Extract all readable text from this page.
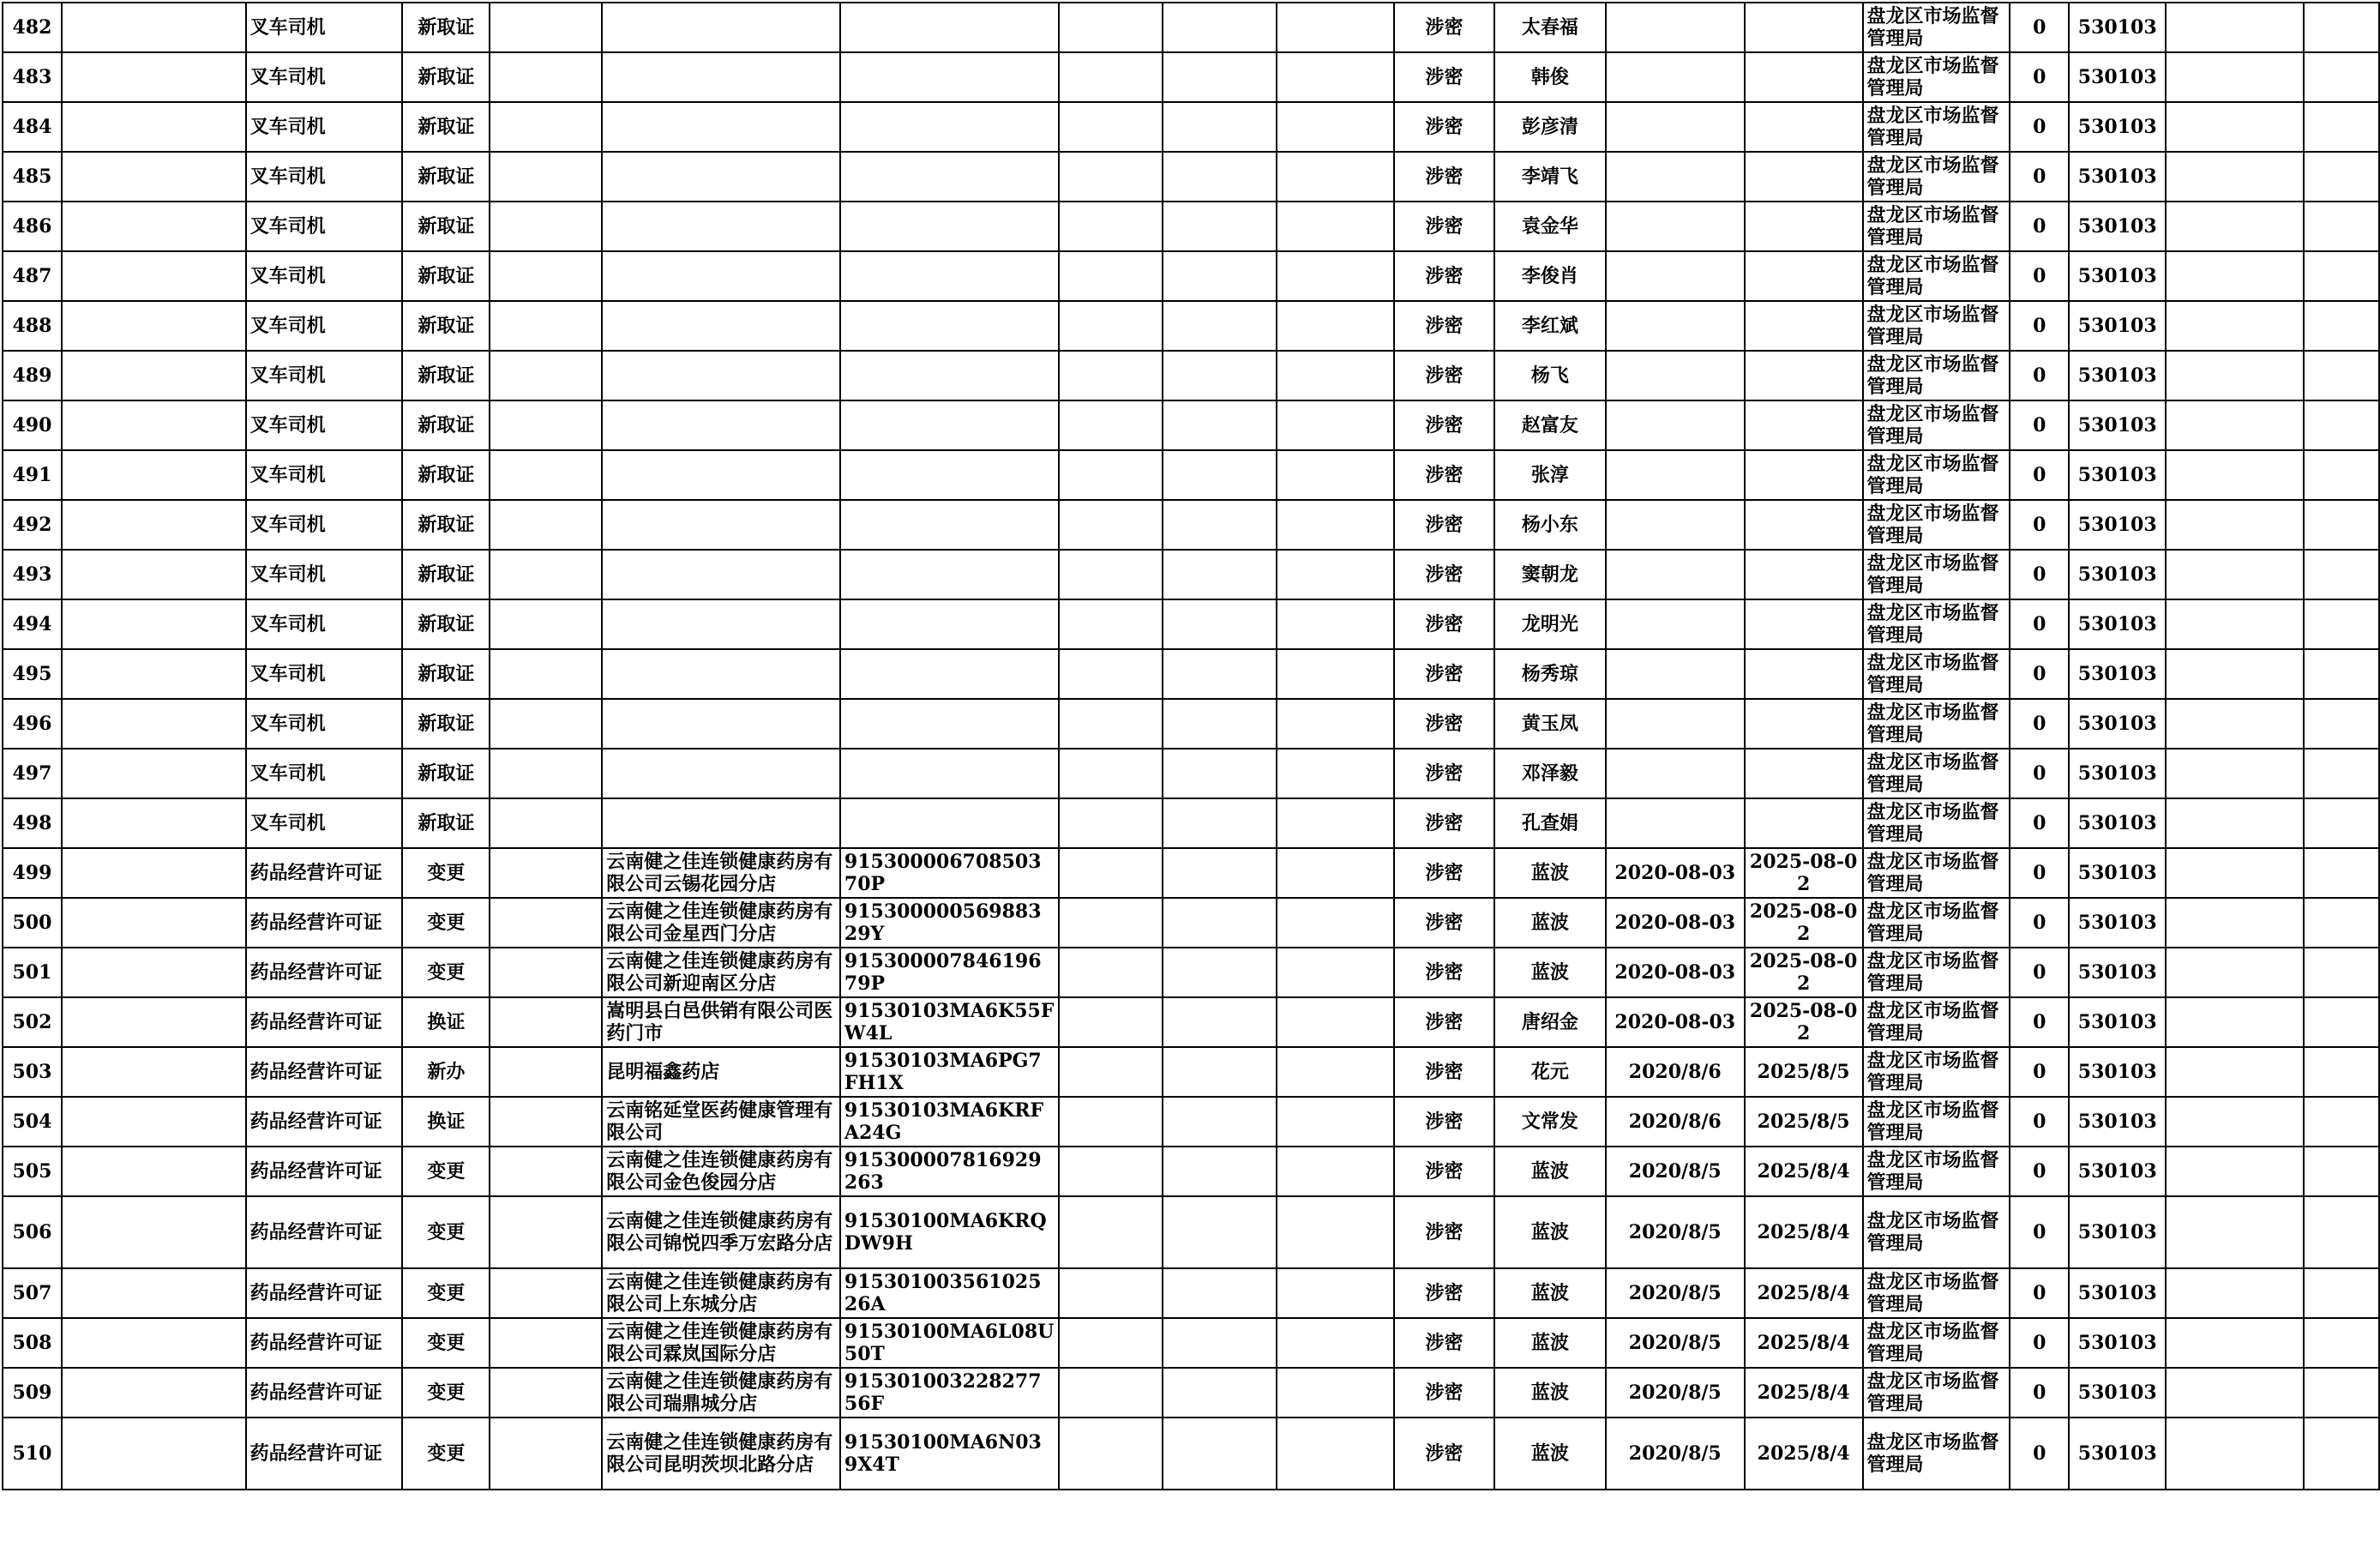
482		叉车司机	新取证							涉密	太春福			盘龙区市场监督管理局	0	530103		
483		叉车司机	新取证							涉密	韩俊			盘龙区市场监督管理局	0	530103		
484		叉车司机	新取证							涉密	彭彦清			盘龙区市场监督管理局	0	530103		
485		叉车司机	新取证							涉密	李靖飞			盘龙区市场监督管理局	0	530103		
486		叉车司机	新取证							涉密	袁金华			盘龙区市场监督管理局	0	530103		
487		叉车司机	新取证							涉密	李俊肖			盘龙区市场监督管理局	0	530103		
488		叉车司机	新取证							涉密	李红斌			盘龙区市场监督管理局	0	530103		
489		叉车司机	新取证							涉密	杨飞			盘龙区市场监督管理局	0	530103		
490		叉车司机	新取证							涉密	赵富友			盘龙区市场监督管理局	0	530103		
491		叉车司机	新取证							涉密	张淳			盘龙区市场监督管理局	0	530103		
492		叉车司机	新取证							涉密	杨小东			盘龙区市场监督管理局	0	530103		
493		叉车司机	新取证							涉密	窦朝龙			盘龙区市场监督管理局	0	530103		
494		叉车司机	新取证							涉密	龙明光			盘龙区市场监督管理局	0	530103		
495		叉车司机	新取证							涉密	杨秀琼			盘龙区市场监督管理局	0	530103		
496		叉车司机	新取证							涉密	黄玉凤			盘龙区市场监督管理局	0	530103		
497		叉车司机	新取证							涉密	邓泽毅			盘龙区市场监督管理局	0	530103		
498		叉车司机	新取证							涉密	孔查娟			盘龙区市场监督管理局	0	530103		
499		药品经营许可证	变更		云南健之佳连锁健康药房有限公司云锡花园分店	91530000670850370P				涉密	蓝波	2020-08-03	2025-08-02	盘龙区市场监督管理局	0	530103		
500		药品经营许可证	变更		云南健之佳连锁健康药房有限公司金星西门分店	91530000056988329Y				涉密	蓝波	2020-08-03	2025-08-02	盘龙区市场监督管理局	0	530103		
501		药品经营许可证	变更		云南健之佳连锁健康药房有限公司新迎南区分店	91530000784619679P				涉密	蓝波	2020-08-03	2025-08-02	盘龙区市场监督管理局	0	530103		
502		药品经营许可证	换证		嵩明县白邑供销有限公司医药门市	91530103MA6K55FW4L				涉密	唐绍金	2020-08-03	2025-08-02	盘龙区市场监督管理局	0	530103		
503		药品经营许可证	新办		昆明福鑫药店	91530103MA6PG7FH1X				涉密	花元	2020/8/6	2025/8/5	盘龙区市场监督管理局	0	530103		
504		药品经营许可证	换证		云南铭延堂医药健康管理有限公司	91530103MA6KRFA24G				涉密	文常发	2020/8/6	2025/8/5	盘龙区市场监督管理局	0	530103		
505		药品经营许可证	变更		云南健之佳连锁健康药房有限公司金色俊园分店	915300007816929263				涉密	蓝波	2020/8/5	2025/8/4	盘龙区市场监督管理局	0	530103		
506		药品经营许可证	变更		云南健之佳连锁健康药房有限公司锦悦四季万宏路分店	91530100MA6KRQDW9H				涉密	蓝波	2020/8/5	2025/8/4	盘龙区市场监督管理局	0	530103		
507		药品经营许可证	变更		云南健之佳连锁健康药房有限公司上东城分店	91530100356102526A				涉密	蓝波	2020/8/5	2025/8/4	盘龙区市场监督管理局	0	530103		
508		药品经营许可证	变更		云南健之佳连锁健康药房有限公司霖岚国际分店	91530100MA6L08U50T				涉密	蓝波	2020/8/5	2025/8/4	盘龙区市场监督管理局	0	530103		
509		药品经营许可证	变更		云南健之佳连锁健康药房有限公司瑞鼎城分店	91530100322827756F				涉密	蓝波	2020/8/5	2025/8/4	盘龙区市场监督管理局	0	530103		
510		药品经营许可证	变更		云南健之佳连锁健康药房有限公司昆明茨坝北路分店	91530100MA6N039X4T				涉密	蓝波	2020/8/5	2025/8/4	盘龙区市场监督管理局	0	530103		
